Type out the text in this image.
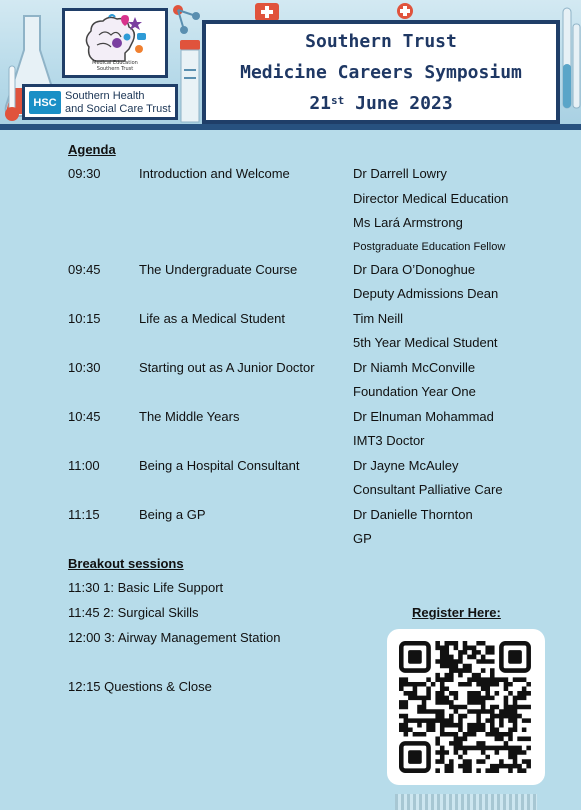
Medical Education
Southern Trust
HSC
Southern Health
and Social Care Trust
Southern Trust
Medicine Careers Symposium
21st June 2023
Agenda
09:30	Introduction and Welcome	Dr Darrell Lowry
Director Medical Education
Ms Lará Armstrong
Postgraduate Education Fellow
09:45	The Undergraduate Course	Dr Dara O’Donoghue
Deputy Admissions Dean
10:15	Life as a Medical Student	Tim Neill
5th Year Medical Student
10:30	Starting out as A Junior Doctor	Dr Niamh McConville
Foundation Year One
10:45	The Middle Years	Dr Elnuman Mohammad
IMT3 Doctor
11:00	Being a Hospital Consultant	Dr Jayne McAuley
Consultant Palliative Care
11:15	Being a GP	Dr Danielle Thornton
GP
Breakout sessions
11:30 1: Basic Life Support
11:45 2: Surgical Skills
12:00 3: Airway Management Station
12:15 Questions & Close
Register Here:
